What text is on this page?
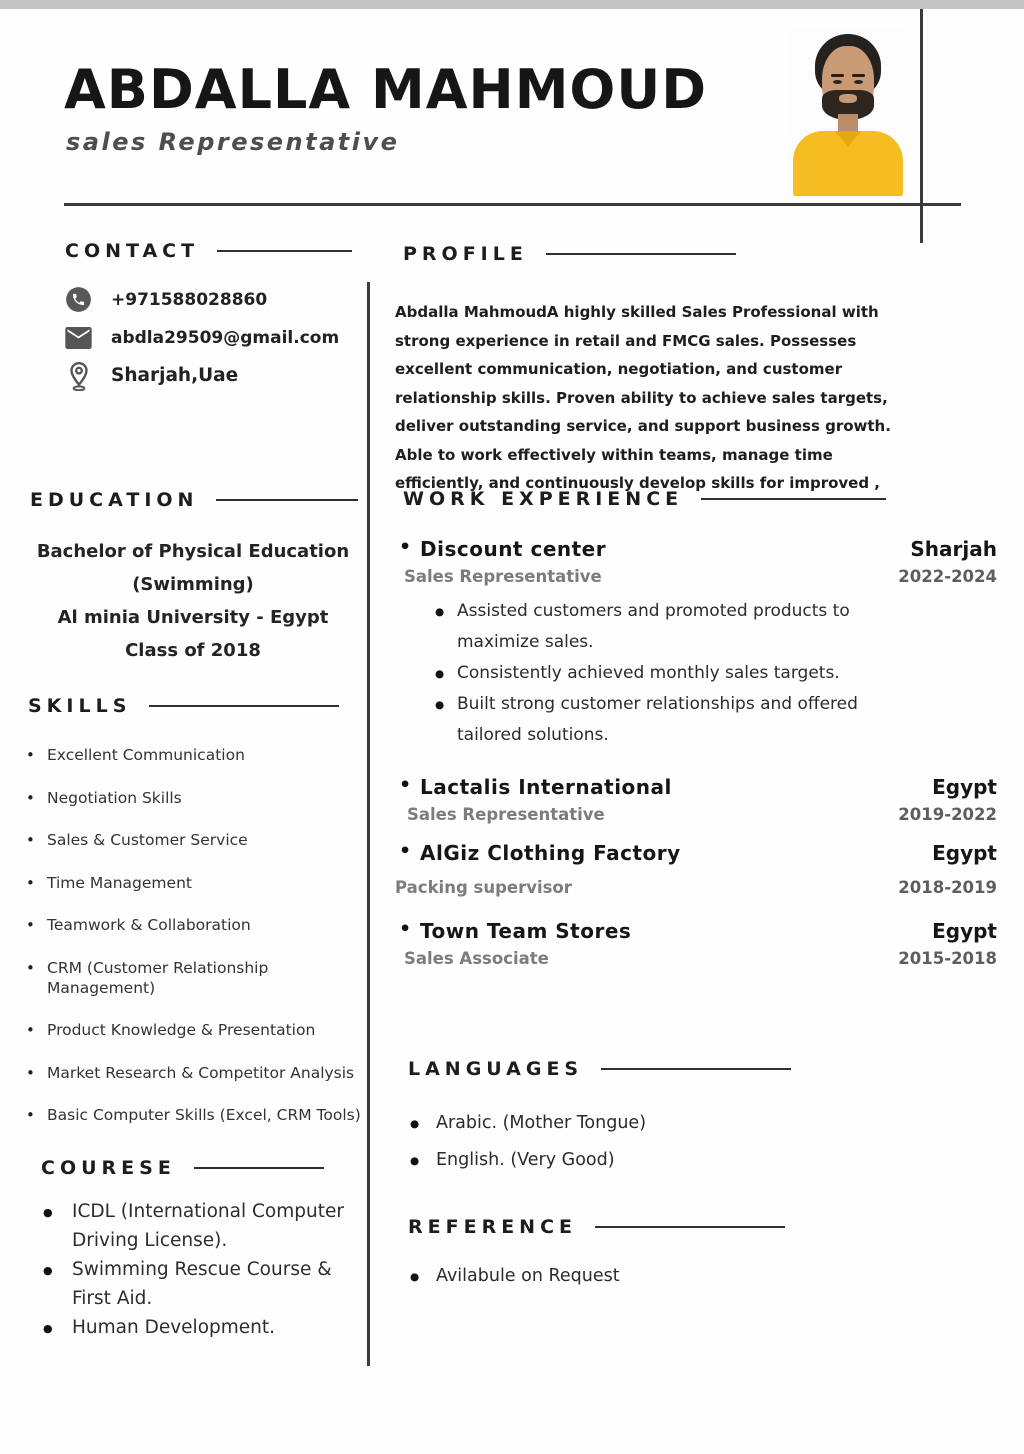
ABDALLA MAHMOUD
sales Representative
CONTACT
+971588028860
abdla29509@gmail.com
Sharjah,Uae
EDUCATION
Bachelor of Physical Education
(Swimming)
Al minia University - Egypt
Class of 2018
SKILLS
• Excellent Communication
• Negotiation Skills
• Sales & Customer Service
• Time Management
• Teamwork & Collaboration
• CRM (Customer Relationship Management)
• Product Knowledge & Presentation
• Market Research & Competitor Analysis
• Basic Computer Skills (Excel, CRM Tools)
COURESE
● ICDL (International Computer Driving License).
● Swimming Rescue Course & First Aid.
● Human Development.
PROFILE
Abdalla MahmoudA highly skilled Sales Professional with strong experience in retail and FMCG sales. Possesses excellent communication, negotiation, and customer relationship skills. Proven ability to achieve sales targets, deliver outstanding service, and support business growth. Able to work effectively within teams, manage time efficiently, and continuously develop skills for improved ,
WORK EXPERIENCE
• Discount center	Sharjah
Sales Representative	2022-2024
● Assisted customers and promoted products to maximize sales.
● Consistently achieved monthly sales targets.
● Built strong customer relationships and offered tailored solutions.
• Lactalis International	Egypt
Sales Representative	2019-2022
• AlGiz Clothing Factory	Egypt
Packing supervisor	2018-2019
• Town Team Stores	Egypt
Sales Associate	2015-2018
LANGUAGES
● Arabic. (Mother Tongue)
● English. (Very Good)
REFERENCE
● Avilabule on Request
